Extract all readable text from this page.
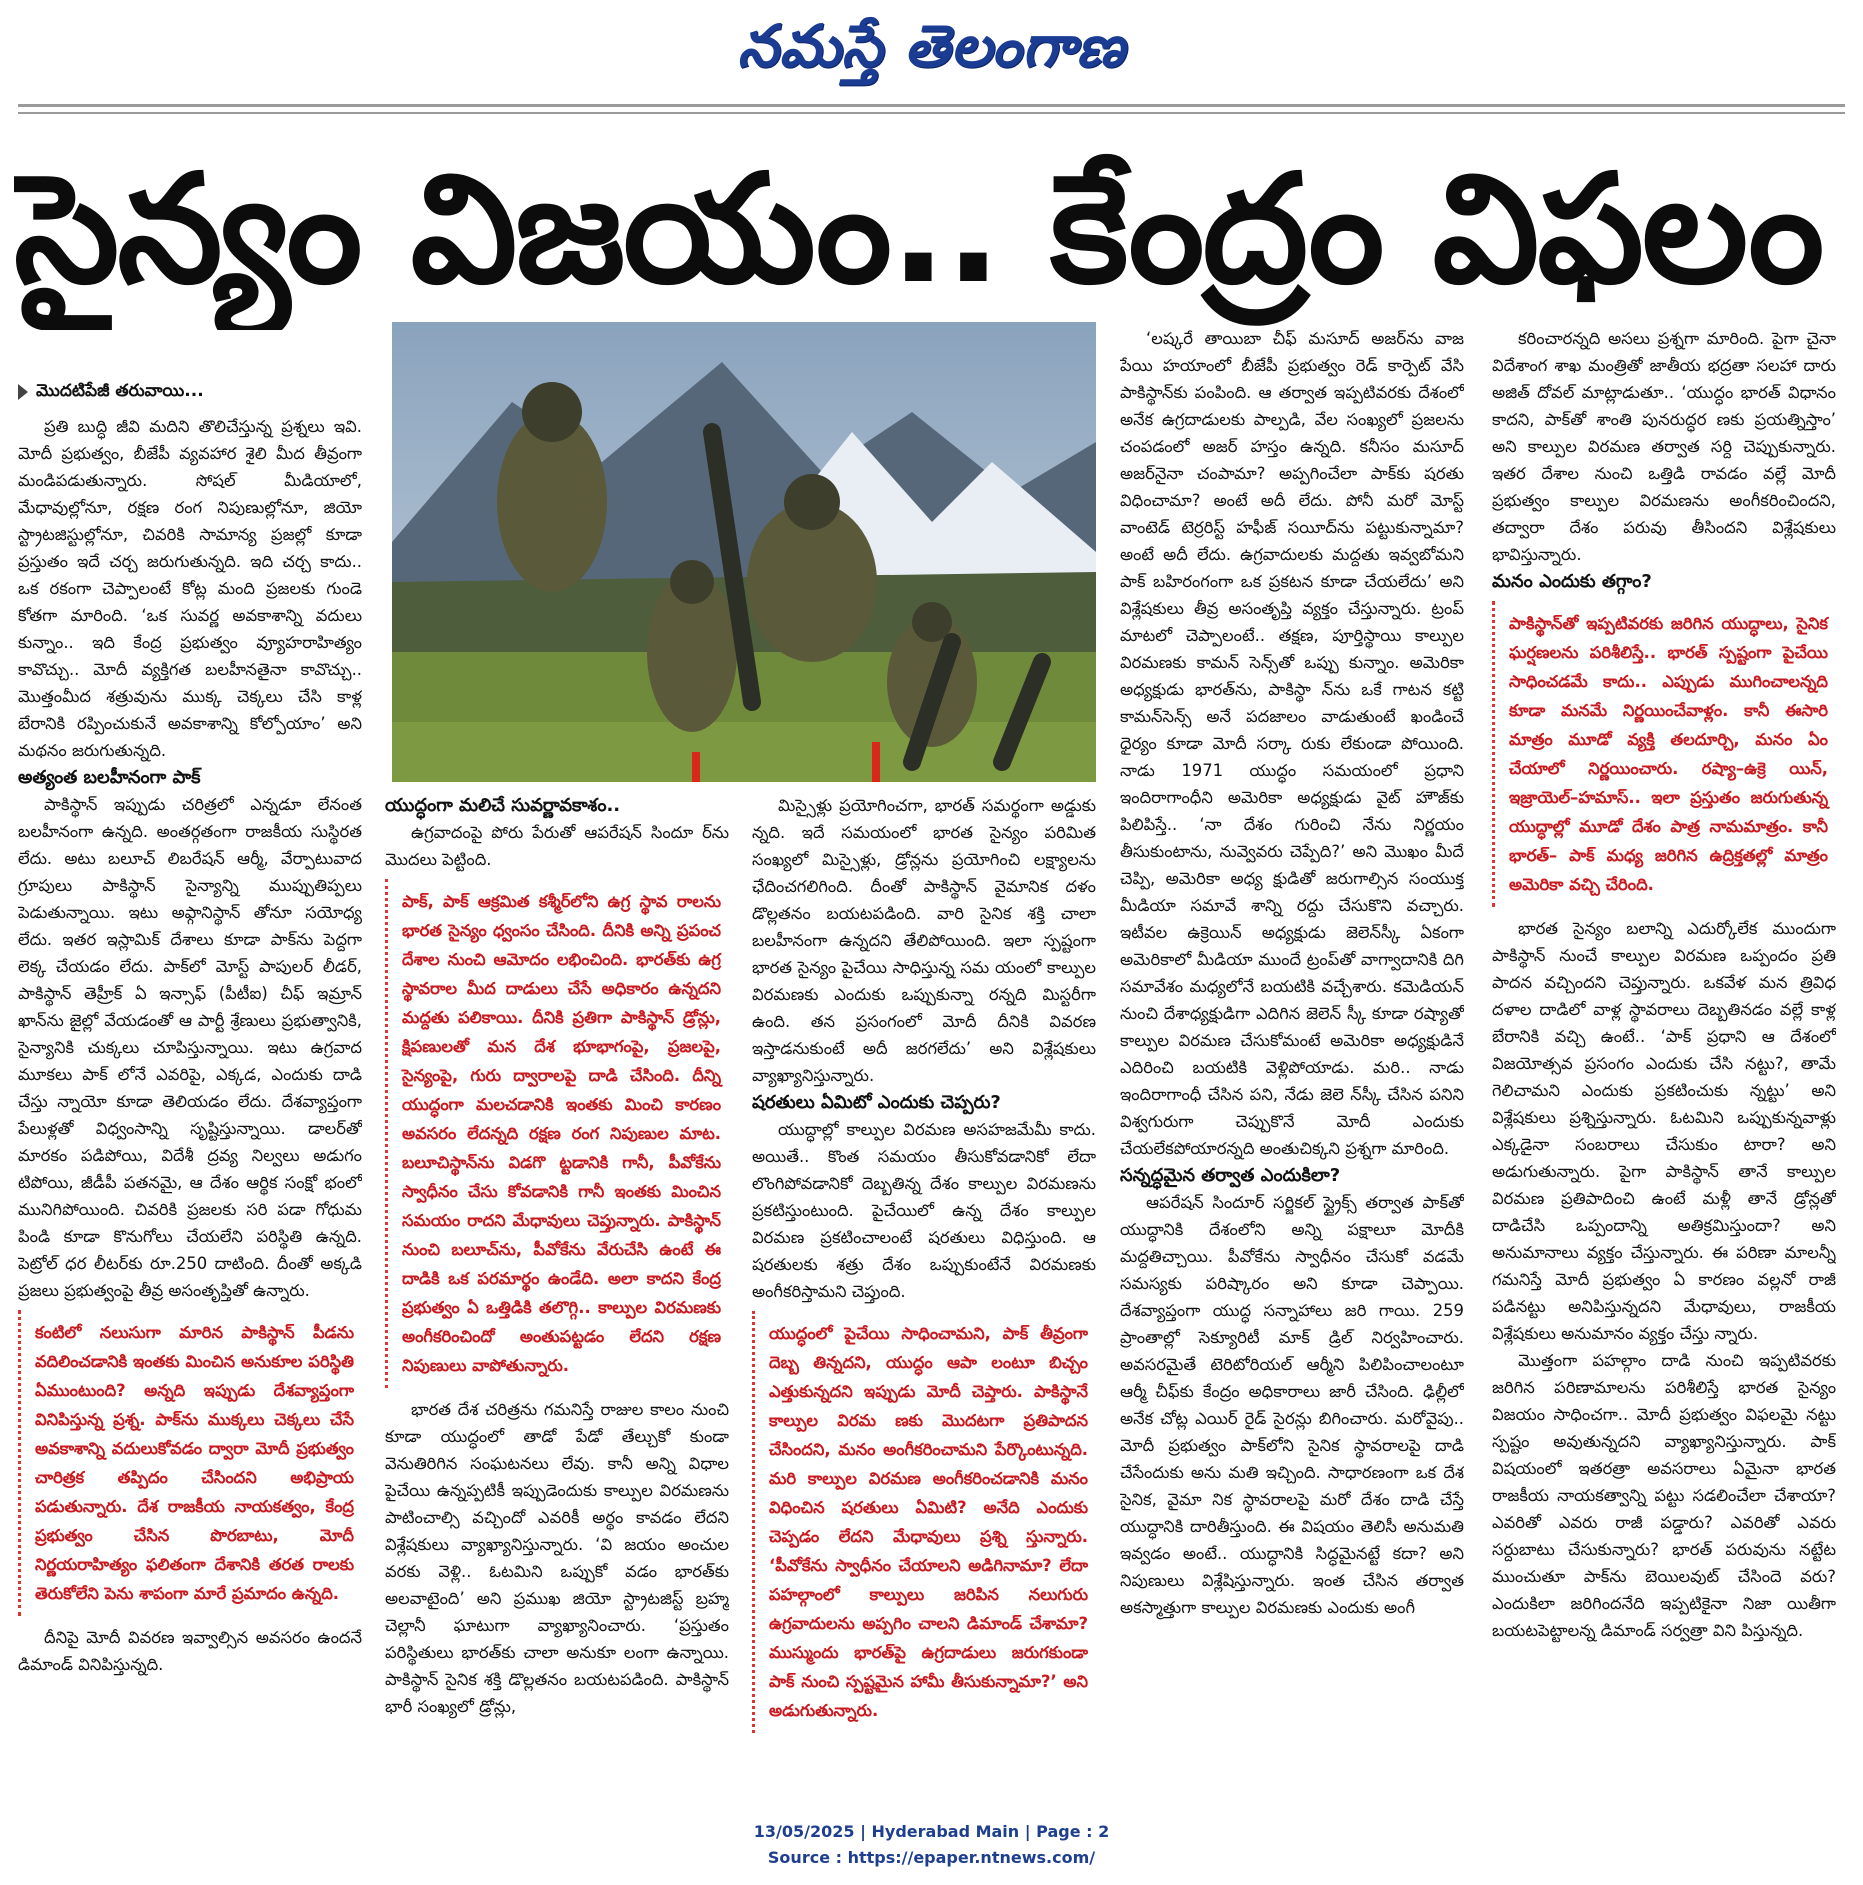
నమస్తే తెలంగాణ
సైన్యం విజయం.. కేంద్రం విఫలం
మొదటిపేజీ తరువాయి...

ప్రతి బుద్ధి జీవి మదిని తొలిచేస్తున్న ప్రశ్నలు ఇవి. మోదీ ప్రభుత్వం, బీజేపీ వ్యవహార శైలి మీద తీవ్రంగా మండిపడుతున్నారు. సోషల్ మీడియాలో, మేధావుల్లోనూ, రక్షణ రంగ నిపుణుల్లోనూ, జియో స్ట్రాటజిస్టుల్లోనూ, చివరికి సామాన్య ప్రజల్లో కూడా ప్రస్తుతం ఇదే చర్చ జరుగుతున్నది. ఇది చర్చ కాదు.. ఒక రకంగా చెప్పాలంటే కోట్ల మంది ప్రజలకు గుండె కోతగా మారింది. ‘ఒక సువర్ణ అవకాశాన్ని వదులు కున్నాం.. ఇది కేంద్ర ప్రభుత్వం వ్యూహరాహిత్యం కావొచ్చు.. మోదీ వ్యక్తిగత బలహీనతైనా కావొచ్చు.. మొత్తంమీద శత్రువును ముక్క చెక్కలు చేసి కాళ్ల బేరానికి రప్పించుకునే అవకాశాన్ని కోల్పోయాం’ అని మథనం జరుగుతున్నది.

అత్యంత బలహీనంగా పాక్

పాకిస్థాన్ ఇప్పుడు చరిత్రలో ఎన్నడూ లేనంత బలహీనంగా ఉన్నది. అంతర్గతంగా రాజకీయ సుస్థిరత లేదు. అటు బలూచ్ లిబరేషన్ ఆర్మీ, వేర్పాటువాద గ్రూపులు పాకిస్థాన్ సైన్యాన్ని ముప్పుతిప్పలు పెడుతున్నాయి. ఇటు అఫ్గానిస్థాన్ తోనూ సయోధ్య లేదు. ఇతర ఇస్లామిక్ దేశాలు కూడా పాక్‌ను పెద్దగా లెక్క చేయడం లేదు. పాక్‌లో మోస్ట్ పాపులర్ లీడర్, పాకిస్థాన్ తెహ్రీక్ ఏ ఇన్సాఫ్ (పీటీఐ) చీఫ్ ఇమ్రాన్ ఖాన్‌ను జైల్లో వేయడంతో ఆ పార్టీ శ్రేణులు ప్రభుత్వానికి, సైన్యానికి చుక్కలు చూపిస్తున్నాయి. ఇటు ఉగ్రవాద మూకలు పాక్ లోనే ఎవరిపై, ఎక్కడ, ఎందుకు దాడి చేస్తు న్నాయో కూడా తెలియడం లేదు. దేశవ్యాప్తంగా పేలుళ్లతో విధ్వంసాన్ని సృష్టిస్తున్నాయి. డాలర్‌తో మారకం పడిపోయి, విదేశీ ద్రవ్య నిల్వలు అడుగం టిపోయి, జీడీపీ పతనమై, ఆ దేశం ఆర్థిక సంక్షో భంలో మునిగిపోయింది. చివరికి ప్రజలకు సరి పడా గోధుమ పిండి కూడా కొనుగోలు చేయలేని పరిస్థితి ఉన్నది. పెట్రోల్ ధర లీటర్‌కు రూ.250 దాటింది. దీంతో అక్కడి ప్రజలు ప్రభుత్వంపై తీవ్ర అసంతృప్తితో ఉన్నారు.

కంటిలో నలుసుగా మారిన పాకిస్థాన్ పీడను వదిలించడానికి ఇంతకు మించిన అనుకూల పరిస్థితి ఏముంటుంది? అన్నది ఇప్పుడు దేశవ్యాప్తంగా వినిపిస్తున్న ప్రశ్న. పాక్‌ను ముక్కలు చెక్కలు చేసే అవకాశాన్ని వదులుకోవడం ద్వారా మోదీ ప్రభుత్వం చారిత్రక తప్పిదం చేసిందని అభిప్రాయ పడుతున్నారు. దేశ రాజకీయ నాయకత్వం, కేంద్ర ప్రభుత్వం చేసిన పొరబాటు, మోదీ నిర్ణయరాహిత్యం ఫలితంగా దేశానికి తరత రాలకు తెరుకోలేని పెను శాపంగా మారే ప్రమాదం ఉన్నది.

దీనిపై మోదీ వివరణ ఇవ్వాల్సిన అవసరం ఉందనే డిమాండ్ వినిపిస్తున్నది.

యుద్ధంగా మలిచే సువర్ణావకాశం..

ఉగ్రవాదంపై పోరు పేరుతో ఆపరేషన్ సిందూ ర్‌ను మొదలు పెట్టింది.

పాక్, పాక్ ఆక్రమిత కశ్మీర్‌లోని ఉగ్ర స్థావ రాలను భారత సైన్యం ధ్వంసం చేసింది. దీనికి అన్ని ప్రపంచ దేశాల నుంచి ఆమోదం లభించింది. భారత్‌కు ఉగ్ర స్థావరాల మీద దాడులు చేసే అధికారం ఉన్నదని మద్దతు పలికాయి. దీనికి ప్రతిగా పాకిస్థాన్ డ్రోన్లు, క్షిపణులతో మన దేశ భూభాగంపై, ప్రజలపై, సైన్యంపై, గురు ద్వారాలపై దాడి చేసింది. దీన్ని యుద్ధంగా మలచడానికి ఇంతకు మించి కారణం అవసరం లేదన్నది రక్షణ రంగ నిపుణుల మాట. బలూచిస్థాన్‌ను విడగొ ట్టడానికి గానీ, పీవోకేను స్వాధీనం చేసు కోవడానికి గానీ ఇంతకు మించిన సమయం రాదని మేధావులు చెప్తున్నారు. పాకిస్థాన్ నుంచి బలూచ్‌ను, పీవోకేను వేరుచేసి ఉంటే ఈ దాడికి ఒక పరమార్థం ఉండేది. అలా కాదని కేంద్ర ప్రభుత్వం ఏ ఒత్తిడికి తలొగ్గి.. కాల్పుల విరమణకు అంగీకరించిందో అంతుపట్టడం లేదని రక్షణ నిపుణులు వాపోతున్నారు.

భారత దేశ చరిత్రను గమనిస్తే రాజుల కాలం నుంచి కూడా యుద్ధంలో తాడో పేడో తేల్చుకో కుండా వెనుతిరిగిన సంఘటనలు లేవు. కానీ అన్ని విధాల పైచేయి ఉన్నప్పటికీ ఇప్పుడెందుకు కాల్పుల విరమణను పాటించాల్సి వచ్చిందో ఎవరికీ అర్థం కావడం లేదని విశ్లేషకులు వ్యాఖ్యానిస్తున్నారు. ‘వి జయం అంచుల వరకు వెళ్లి.. ఓటమిని ఒప్పుకో వడం భారత్‌కు అలవాటైంది’ అని ప్రముఖ జియో స్ట్రాటజిస్ట్ బ్రహ్మ చెల్లానీ ఘాటుగా వ్యాఖ్యానించారు. ‘ప్రస్తుతం పరిస్థితులు భారత్‌కు చాలా అనుకూ లంగా ఉన్నాయి. పాకిస్థాన్ సైనిక శక్తి డొల్లతనం బయటపడింది. పాకిస్థాన్ భారీ సంఖ్యలో డ్రోన్లు,

మిస్సైళ్లు ప్రయోగించగా, భారత్ సమర్థంగా అడ్డుకు న్నది. ఇదే సమయంలో భారత సైన్యం పరిమిత సంఖ్యలో మిస్సైళ్లు, డ్రోన్లను ప్రయోగించి లక్ష్యాలను ఛేదించగలిగింది. దీంతో పాకిస్థాన్ వైమానిక దళం డొల్లతనం బయటపడింది. వారి సైనిక శక్తి చాలా బలహీనంగా ఉన్నదని తేలిపోయింది. ఇలా స్పష్టంగా భారత సైన్యం పైచేయి సాధిస్తున్న సమ యంలో కాల్పుల విరమణకు ఎందుకు ఒప్పుకున్నా రన్నది మిస్టరీగా ఉంది. తన ప్రసంగంలో మోదీ దీనికి వివరణ ఇస్తాడనుకుంటే అదీ జరగలేదు’ అని విశ్లేషకులు వ్యాఖ్యానిస్తున్నారు.

షరతులు ఏమిటో ఎందుకు చెప్పరు?

యుద్ధాల్లో కాల్పుల విరమణ అసహజమేమీ కాదు. అయితే.. కొంత సమయం తీసుకోవడానికో లేదా లొంగిపోవడానికో దెబ్బతిన్న దేశం కాల్పుల విరమణను ప్రకటిస్తుంటుంది. పైచేయిలో ఉన్న దేశం కాల్పుల విరమణ ప్రకటించాలంటే షరతులు విధిస్తుంది. ఆ షరతులకు శత్రు దేశం ఒప్పుకుంటేనే విరమణకు అంగీకరిస్తామని చెప్తుంది.

యుద్ధంలో పైచేయి సాధించామని, పాక్ తీవ్రంగా దెబ్బ తిన్నదని, యుద్ధం ఆపా లంటూ బిచ్చం ఎత్తుకున్నదని ఇప్పుడు మోదీ చెప్తారు. పాకిస్థానే కాల్పుల విరమ ణకు మొదటగా ప్రతిపాదన చేసిందని, మనం అంగీకరించామని పేర్కొంటున్నది. మరి కాల్పుల విరమణ అంగీకరించడానికి మనం విధించిన షరతులు ఏమిటి? అనేది ఎందుకు చెప్పడం లేదని మేధావులు ప్రశ్ని స్తున్నారు. ‘పీవోకేను స్వాధీనం చేయాలని అడిగినామా? లేదా పహల్గాంలో కాల్పులు జరిపిన నలుగురు ఉగ్రవాదులను అప్పగిం చాలని డిమాండ్ చేశామా? ముస్ముందు భారత్‌పై ఉగ్రదాడులు జరుగకుండా పాక్ నుంచి స్పష్టమైన హామీ తీసుకున్నామా?’ అని అడుగుతున్నారు.

‘లష్కరే తాయిబా చీఫ్ మసూద్ అజర్‌ను వాజ పేయి హయాంలో బీజేపీ ప్రభుత్వం రెడ్ కార్పెట్ వేసి పాకిస్థాన్‌కు పంపింది. ఆ తర్వాత ఇప్పటివరకు దేశంలో అనేక ఉగ్రదాడులకు పాల్పడి, వేల సంఖ్యలో ప్రజలను చంపడంలో అజర్ హస్తం ఉన్నది. కనీసం మసూద్ అజర్‌నైనా చంపామా? అప్పగించేలా పాక్‌కు షరతు విధించామా? అంటే అదీ లేదు. పోనీ మరో మోస్ట్ వాంటెడ్ టెర్రరిస్ట్ హఫీజ్ సయీద్‌ను పట్టుకున్నామా? అంటే అదీ లేదు. ఉగ్రవాదులకు మద్దతు ఇవ్వబోమని పాక్ బహిరంగంగా ఒక ప్రకటన కూడా చేయలేదు’ అని విశ్లేషకులు తీవ్ర అసంతృప్తి వ్యక్తం చేస్తున్నారు. ట్రంప్ మాటలో చెప్పాలంటే.. తక్షణ, పూర్తిస్థాయి కాల్పుల విరమణకు కామన్ సెన్స్‌తో ఒప్పు కున్నాం. అమెరికా అధ్యక్షుడు భారత్‌ను, పాకిస్థా న్‌ను ఒకే గాటన కట్టి కామన్‌సెన్స్ అనే పదజాలం వాడుతుంటే ఖండించే ధైర్యం కూడా మోదీ సర్కా రుకు లేకుండా పోయింది. నాడు 1971 యుద్ధం సమయంలో ప్రధాని ఇందిరాగాంధీని అమెరికా అధ్యక్షుడు వైట్ హౌజ్‌కు పిలిపిస్తే.. ‘నా దేశం గురించి నేను నిర్ణయం తీసుకుంటాను, నువ్వెవరు చెప్పేది?’ అని మొఖం మీదే చెప్పి, అమెరికా అధ్య క్షుడితో జరుగాల్సిన సంయుక్త మీడియా సమావే శాన్ని రద్దు చేసుకొని వచ్చారు. ఇటీవల ఉక్రెయిన్ అధ్యక్షుడు జెలెన్‌స్కీ ఏకంగా అమెరికాలో మీడియా ముందే ట్రంప్‌తో వాగ్వాదానికి దిగి సమావేశం మధ్యలోనే బయటికి వచ్చేశారు. కమెడియన్ నుంచి దేశాధ్యక్షుడిగా ఎదిగిన జెలెన్ స్కీ కూడా రష్యాతో కాల్పుల విరమణ చేసుకోమంటే అమెరికా అధ్యక్షుడినే ఎదిరించి బయటికి వెళ్లిపోయాడు. మరి.. నాడు ఇందిరాగాంధీ చేసిన పని, నేడు జెలె న్‌స్కీ చేసిన పనిని విశ్వగురుగా చెప్పుకొనే మోదీ ఎందుకు చేయలేకపోయారన్నది అంతుచిక్కని ప్రశ్నగా మారింది.

సన్నద్ధమైన తర్వాత ఎందుకిలా?

ఆపరేషన్ సిందూర్ సర్జికల్ స్ట్రైక్స్ తర్వాత పాక్‌తో యుద్ధానికి దేశంలోని అన్ని పక్షాలూ మోదీకి మద్దతిచ్చాయి. పీవోకేను స్వాధీనం చేసుకో వడమే సమస్యకు పరిష్కారం అని కూడా చెప్పాయి. దేశవ్యాప్తంగా యుద్ధ సన్నాహాలు జరి గాయి. 259 ప్రాంతాల్లో సెక్యూరిటీ మాక్ డ్రిల్ నిర్వహించారు. అవసరమైతే టెరిటోరియల్ ఆర్మీని పిలిపించాలంటూ ఆర్మీ చీఫ్‌కు కేంద్రం అధికారాలు జారీ చేసింది. ఢిల్లీలో అనేక చోట్ల ఎయిర్ రైడ్ సైరన్లు బిగించారు. మరోవైపు.. మోదీ ప్రభుత్వం పాక్‌లోని సైనిక స్థావరాలపై దాడి చేసేందుకు అను మతి ఇచ్చింది. సాధారణంగా ఒక దేశ సైనిక, వైమా నిక స్థావరాలపై మరో దేశం దాడి చేస్తే యుద్ధానికి దారితీస్తుంది. ఈ విషయం తెలిసీ అనుమతి ఇవ్వడం అంటే.. యుద్ధానికి సిద్ధమైనట్టే కదా? అని నిపుణులు విశ్లేషిస్తున్నారు. ఇంత చేసిన తర్వాత అకస్మాత్తుగా కాల్పుల విరమణకు ఎందుకు అంగీ

కరించారన్నది అసలు ప్రశ్నగా మారింది. పైగా చైనా విదేశాంగ శాఖ మంత్రితో జాతీయ భద్రతా సలహా దారు అజిత్ దోవల్ మాట్లాడుతూ.. ‘యుద్ధం భారత్ విధానం కాదని, పాక్‌తో శాంతి పునరుద్ధర ణకు ప్రయత్నిస్తాం’ అని కాల్పుల విరమణ తర్వాత సర్ది చెప్పుకున్నారు. ఇతర దేశాల నుంచి ఒత్తిడి రావడం వల్లే మోదీ ప్రభుత్వం కాల్పుల విరమణను అంగీకరించిందని, తద్వారా దేశం పరువు తీసిందని విశ్లేషకులు భావిస్తున్నారు.

మనం ఎందుకు తగ్గాం?

పాకిస్థాన్‌తో ఇప్పటివరకు జరిగిన యుద్ధాలు, సైనిక ఘర్షణలను పరిశీలిస్తే.. భారత్ స్పష్టంగా పైచేయి సాధించడమే కాదు.. ఎప్పుడు ముగించాలన్నది కూడా మనమే నిర్ణయించేవాళ్లం. కానీ ఈసారి మాత్రం మూడో వ్యక్తి తలదూర్చి, మనం ఏం చేయాలో నిర్ణయించారు. రష్యా–ఉక్రె యిన్, ఇజ్రాయెల్–హమాస్.. ఇలా ప్రస్తుతం జరుగుతున్న యుద్ధాల్లో మూడో దేశం పాత్ర నామమాత్రం. కానీ భారత్– పాక్ మధ్య జరిగిన ఉద్రిక్తతల్లో మాత్రం అమెరికా వచ్చి చేరింది.

భారత సైన్యం బలాన్ని ఎదుర్కోలేక ముందుగా పాకిస్థాన్ నుంచే కాల్పుల విరమణ ఒప్పందం ప్రతి పాదన వచ్చిందని చెప్తున్నారు. ఒకవేళ మన త్రివిధ దళాల దాడిలో వాళ్ల స్థావరాలు దెబ్బతినడం వల్లే కాళ్ల బేరానికి వచ్చి ఉంటే.. ‘పాక్ ప్రధాని ఆ దేశంలో విజయోత్సవ ప్రసంగం ఎందుకు చేసి నట్టు?, తామే గెలిచామని ఎందుకు ప్రకటించుకు న్నట్టు’ అని విశ్లేషకులు ప్రశ్నిస్తున్నారు. ఓటమిని ఒప్పుకున్నవాళ్లు ఎక్కడైనా సంబరాలు చేసుకుం టారా? అని అడుగుతున్నారు. పైగా పాకిస్థాన్ తానే కాల్పుల విరమణ ప్రతిపాదించి ఉంటే మళ్లీ తానే డ్రోన్లతో దాడిచేసి ఒప్పందాన్ని అతిక్రమిస్తుందా? అని అనుమానాలు వ్యక్తం చేస్తున్నారు. ఈ పరిణా మాలన్నీ గమనిస్తే మోదీ ప్రభుత్వం ఏ కారణం వల్లనో రాజీ పడినట్టు అనిపిస్తున్నదని మేధావులు, రాజకీయ విశ్లేషకులు అనుమానం వ్యక్తం చేస్తు న్నారు.

మొత్తంగా పహల్గాం దాడి నుంచి ఇప్పటివరకు జరిగిన పరిణామాలను పరిశీలిస్తే భారత సైన్యం విజయం సాధించగా.. మోదీ ప్రభుత్వం విఫలమై నట్టు స్పష్టం అవుతున్నదని వ్యాఖ్యానిస్తున్నారు. పాక్ విషయంలో ఇతరత్రా అవసరాలు ఏమైనా భారత రాజకీయ నాయకత్వాన్ని పట్టు సడలించేలా చేశాయా? ఎవరితో ఎవరు రాజీ పడ్డారు? ఎవరితో ఎవరు సర్దుబాటు చేసుకున్నారు? భారత్ పరువును నట్టేట ముంచుతూ పాక్‌ను బెయిలవుట్ చేసిందె వరు? ఎందుకిలా జరిగిందనేది ఇప్పటికైనా నిజా యితీగా బయటపెట్టాలన్న డిమాండ్ సర్వత్రా విని పిస్తున్నది.

13/05/2025 | Hyderabad Main | Page : 2
Source : https://epaper.ntnews.com/
